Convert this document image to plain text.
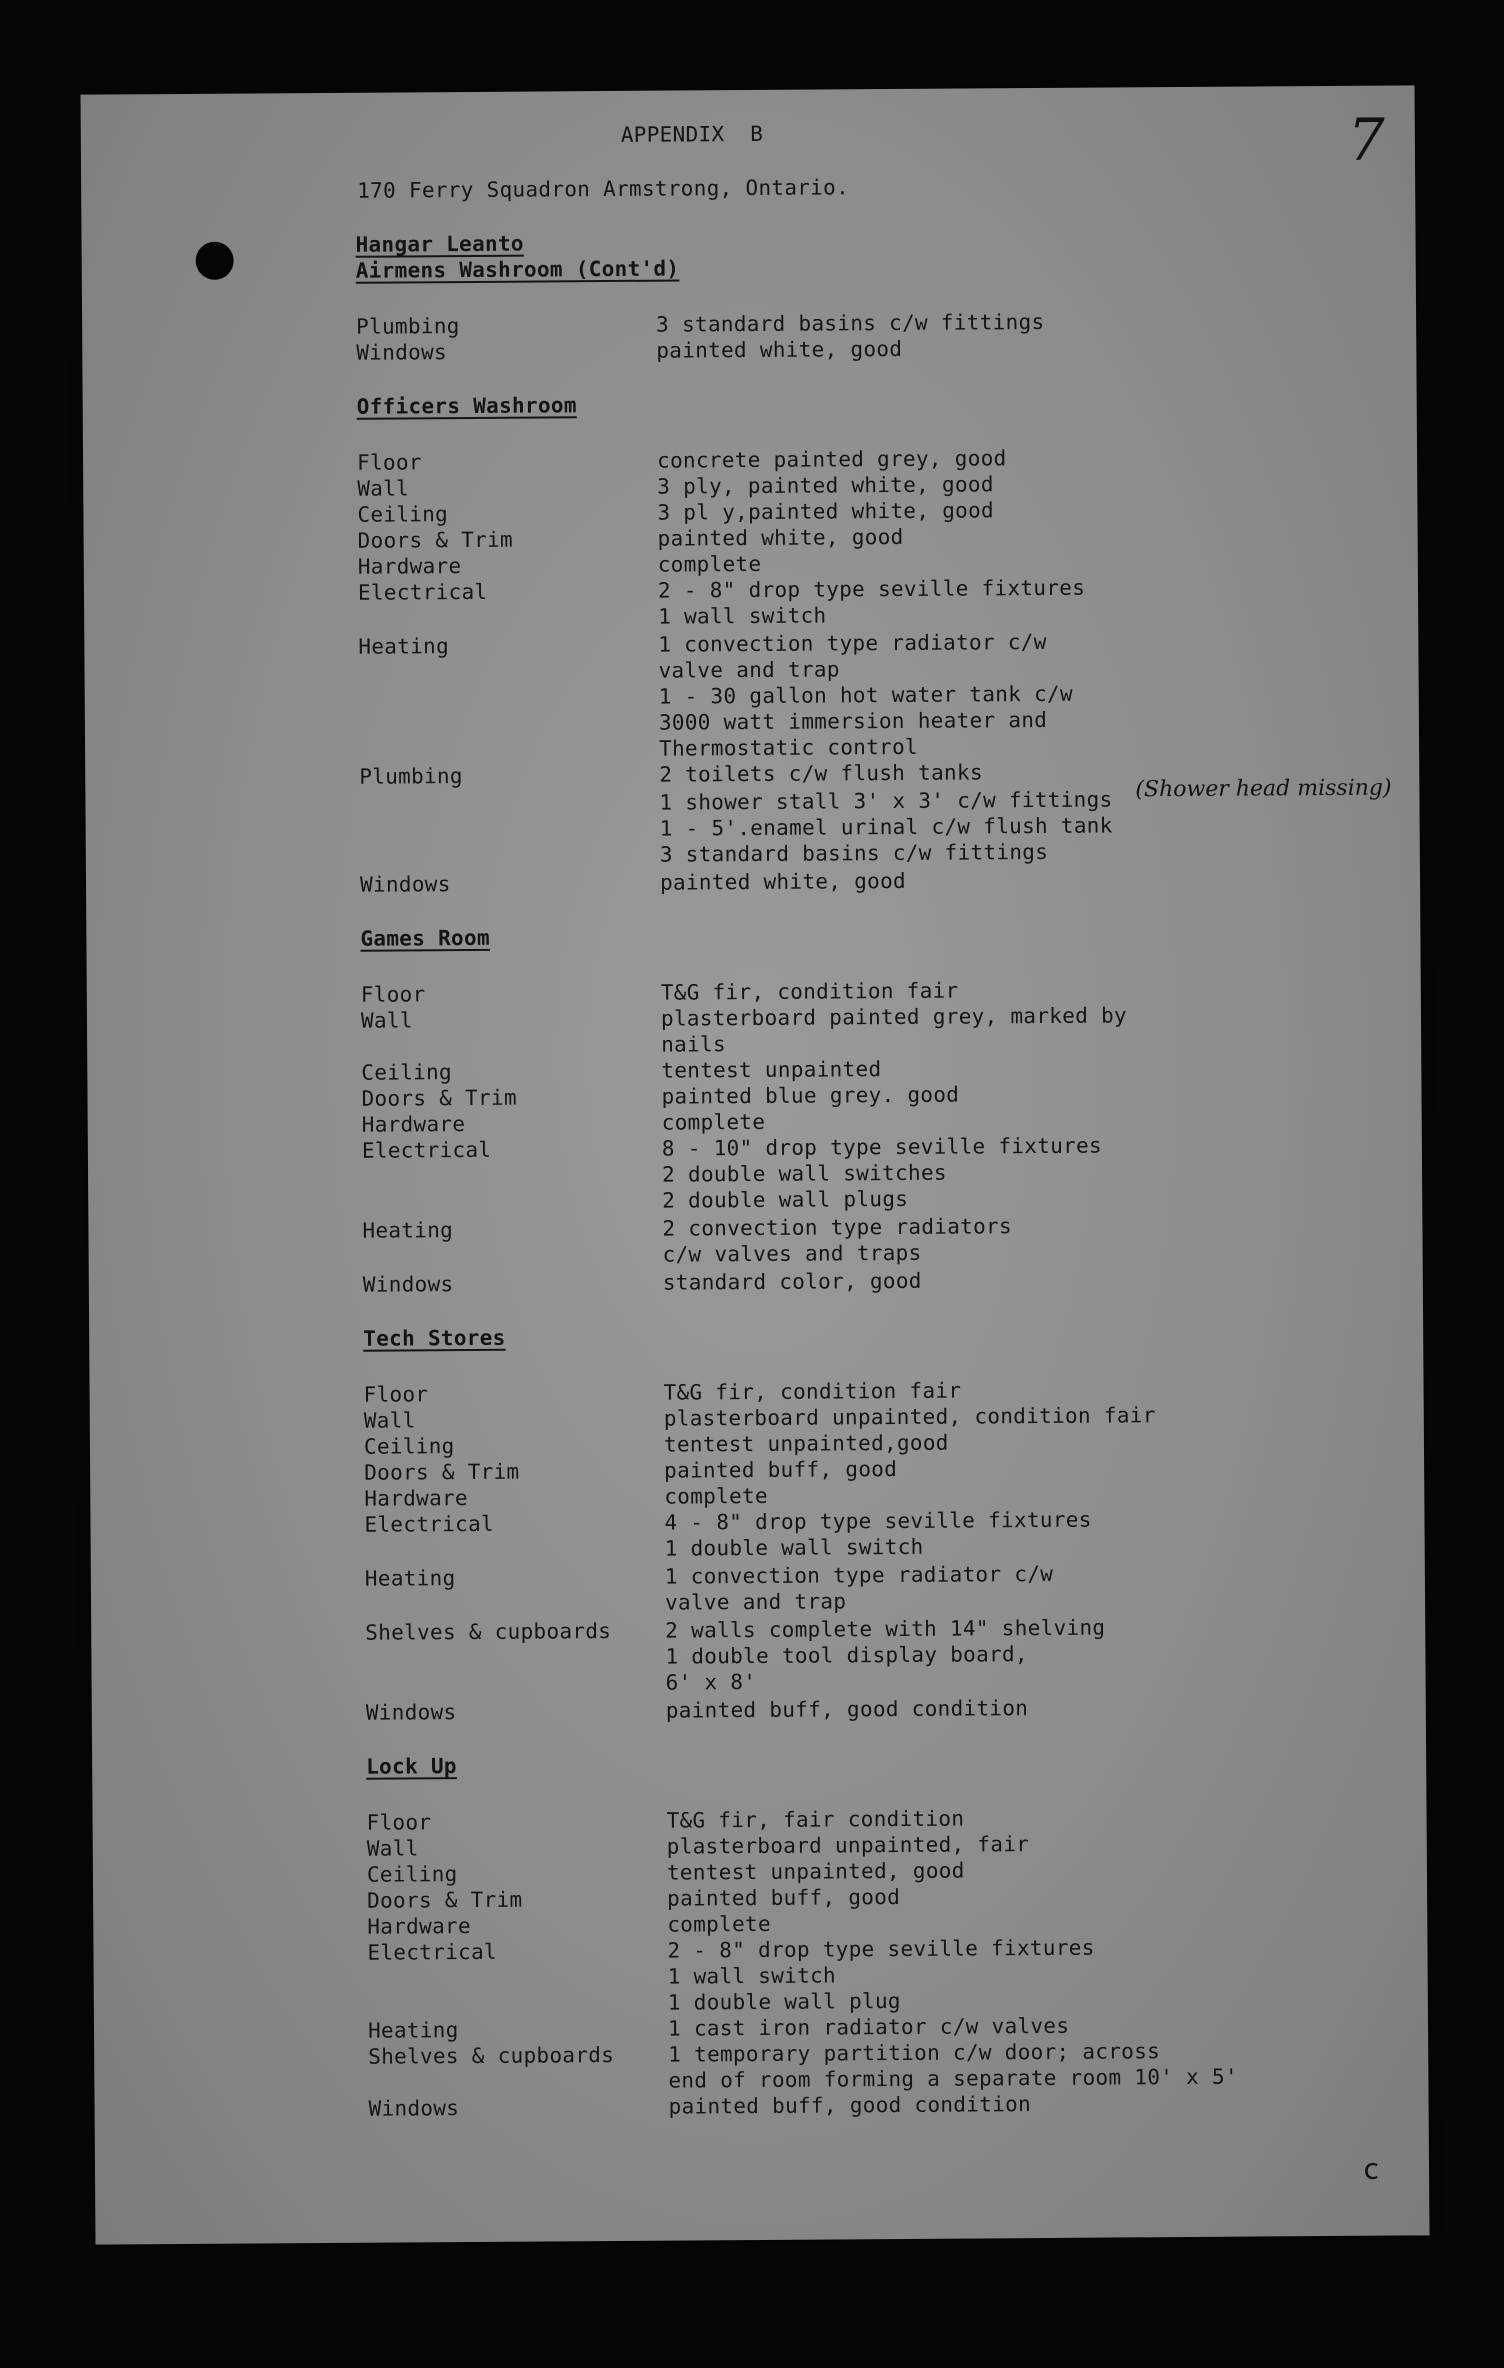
APPENDIX  B	7
170 Ferry Squadron Armstrong, Ontario.
Hangar Leanto
Airmens Washroom (Cont'd)
Plumbing	3 standard basins c/w fittings
Windows	painted white, good
Officers Washroom
Floor	concrete painted grey, good
Wall	3 ply, painted white, good
Ceiling	3 pl y,painted white, good
Doors & Trim	painted white, good
Hardware	complete
Electrical	2 - 8" drop type seville fixtures
1 wall switch
Heating	1 convection type radiator c/w
valve and trap
1 - 30 gallon hot water tank c/w
3000 watt immersion heater and
Thermostatic control
Plumbing	2 toilets c/w flush tanks
1 shower stall 3' x 3' c/w fittings (Shower head missing)
1 - 5'.enamel urinal c/w flush tank
3 standard basins c/w fittings
Windows	painted white, good
Games Room
Floor	T&G fir, condition fair
Wall	plasterboard painted grey, marked by
nails
Ceiling	tentest unpainted
Doors & Trim	painted blue grey. good
Hardware	complete
Electrical	8 - 10" drop type seville fixtures
2 double wall switches
2 double wall plugs
Heating	2 convection type radiators
c/w valves and traps
Windows	standard color, good
Tech Stores
Floor	T&G fir, condition fair
Wall	plasterboard unpainted, condition fair
Ceiling	tentest unpainted,good
Doors & Trim	painted buff, good
Hardware	complete
Electrical	4 - 8" drop type seville fixtures
1 double wall switch
Heating	1 convection type radiator c/w
valve and trap
Shelves & cupboards	2 walls complete with 14" shelving
1 double tool display board,
6' x 8'
Windows	painted buff, good condition
Lock Up
Floor	T&G fir, fair condition
Wall	plasterboard unpainted, fair
Ceiling	tentest unpainted, good
Doors & Trim	painted buff, good
Hardware	complete
Electrical	2 - 8" drop type seville fixtures
1 wall switch
1 double wall plug
Heating	1 cast iron radiator c/w valves
Shelves & cupboards	1 temporary partition c/w door; across
end of room forming a separate room 10' x 5'
Windows	painted buff, good condition
c
